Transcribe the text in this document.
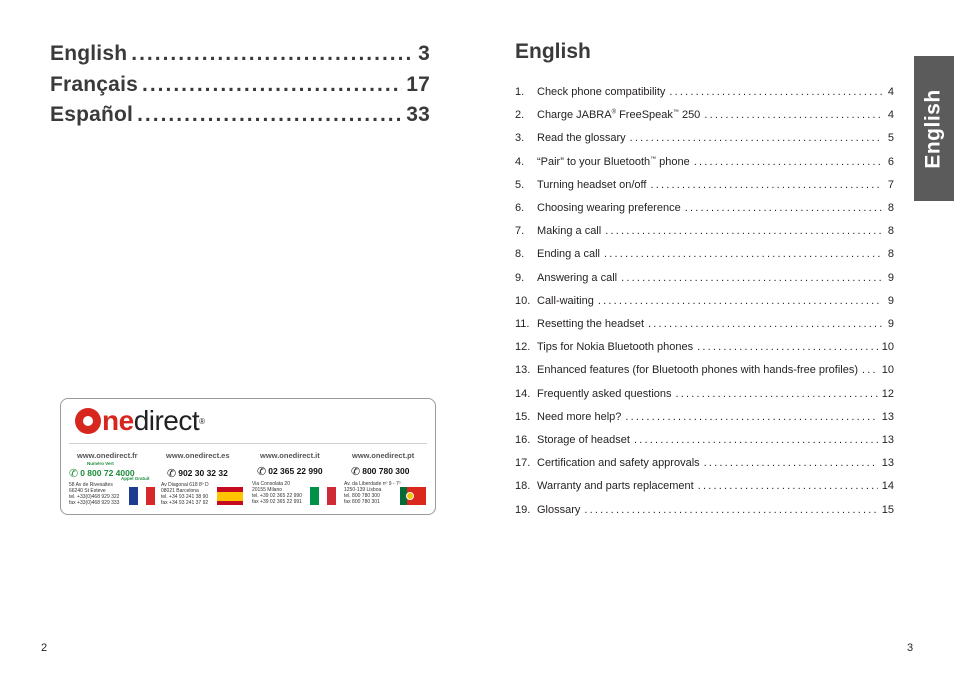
English .....	3
Français .....	17
Español .....	33
ne direct ®
www.onedirect.fr
Numéro Vert
✆ 0 800 72 4000
Appel Gratuit
58 Av de Rivesaltes
66240 St Esteve
tel. +33(0)468 929 322
fax +33(0)468 929 333
www.onedirect.es
✆ 902 30 32 32
Av Diagonal 618 8º D
08021 Barcelona
tel. +34 93 241 38 90
fax +34 93 241 37 92
www.onedirect.it
✆ 02 365 22 990
Via Consolata 20
20155 Milano
tel. +39 02 365 22 990
fax +39 02 365 22 991
www.onedirect.pt
✆ 800 780 300
Av. da Liberdade nº 9 - 7º
1250-139 Lisboa
tel. 800 780 300
fax 800 780 301
2
English
1.	Check phone compatibility .....	4
2.	Charge JABRA® FreeSpeak™ 250 .....	4
3.	Read the glossary .....	5
4.	“Pair” to your Bluetooth™ phone .....	6
5.	Turning headset on/off .....	7
6.	Choosing wearing preference .....	8
7.	Making a call .....	8
8.	Ending a call .....	8
9.	Answering a call .....	9
10. Call-waiting .....	9
11. Resetting the headset .....	9
12. Tips for Nokia Bluetooth phones .....	10
13. Enhanced features (for Bluetooth phones with hands-free profiles) ..... 10
14. Frequently asked questions .....	12
15. Need more help? .....	13
16. Storage of headset .....	13
17. Certification and safety approvals .....	13
18. Warranty and parts replacement .....	14
19. Glossary .....	15
English
3
